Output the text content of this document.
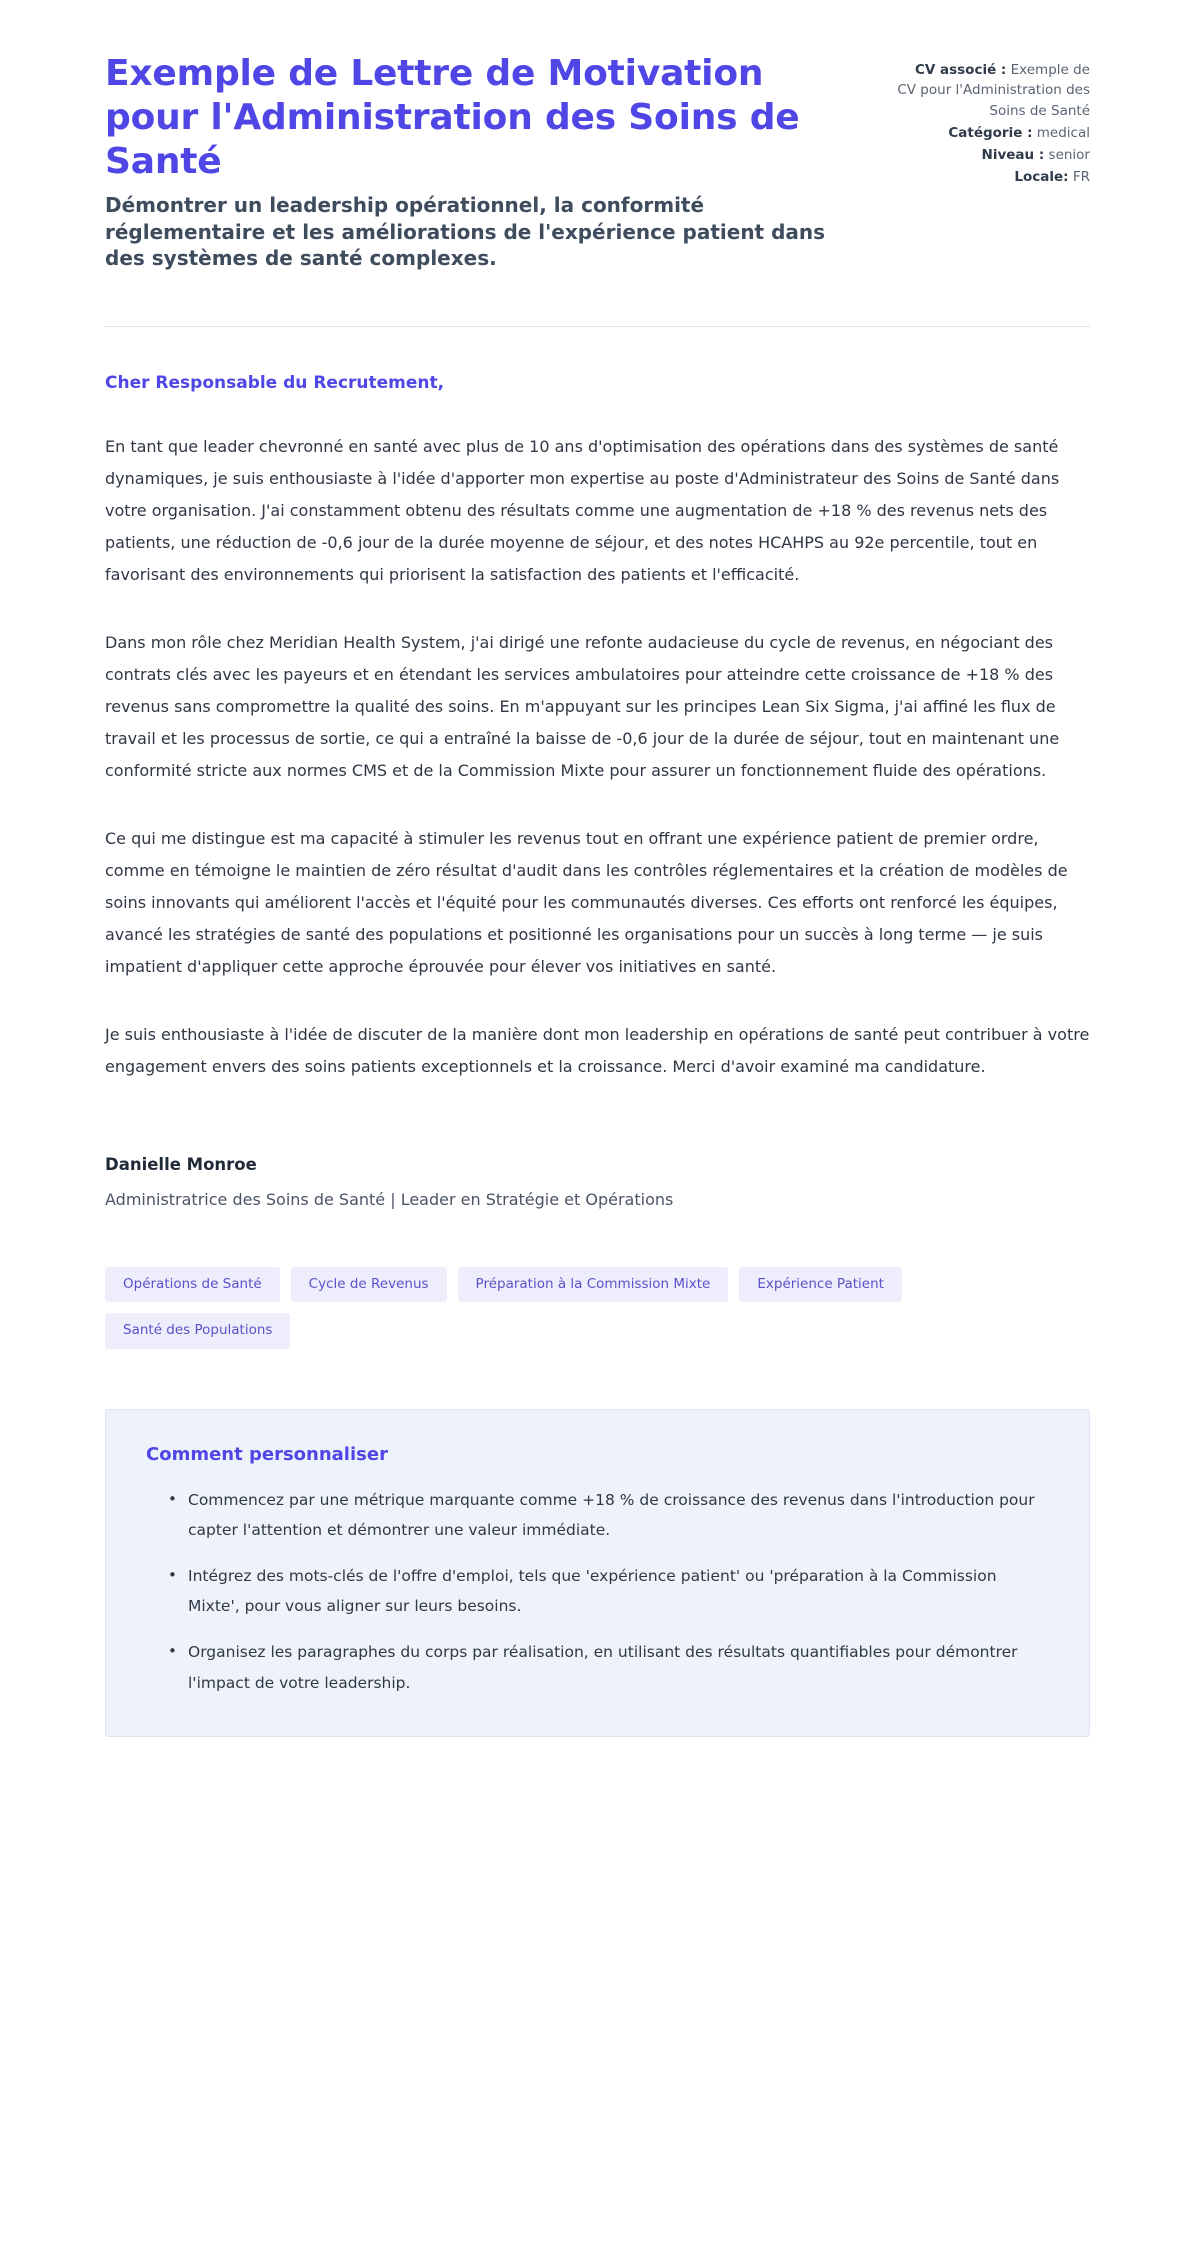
Exemple de Lettre de Motivation pour l'Administration des Soins de Santé

Démontrer un leadership opérationnel, la conformité réglementaire et les améliorations de l'expérience patient dans des systèmes de santé complexes.

CV associé : Exemple de CV pour l'Administration des Soins de Santé
Catégorie : medical
Niveau : senior
Locale: FR

Cher Responsable du Recrutement,

En tant que leader chevronné en santé avec plus de 10 ans d'optimisation des opérations dans des systèmes de santé dynamiques, je suis enthousiaste à l'idée d'apporter mon expertise au poste d'Administrateur des Soins de Santé dans votre organisation. J'ai constamment obtenu des résultats comme une augmentation de +18 % des revenus nets des patients, une réduction de -0,6 jour de la durée moyenne de séjour, et des notes HCAHPS au 92e percentile, tout en favorisant des environnements qui priorisent la satisfaction des patients et l'efficacité.

Dans mon rôle chez Meridian Health System, j'ai dirigé une refonte audacieuse du cycle de revenus, en négociant des contrats clés avec les payeurs et en étendant les services ambulatoires pour atteindre cette croissance de +18 % des revenus sans compromettre la qualité des soins. En m'appuyant sur les principes Lean Six Sigma, j'ai affiné les flux de travail et les processus de sortie, ce qui a entraîné la baisse de -0,6 jour de la durée de séjour, tout en maintenant une conformité stricte aux normes CMS et de la Commission Mixte pour assurer un fonctionnement fluide des opérations.

Ce qui me distingue est ma capacité à stimuler les revenus tout en offrant une expérience patient de premier ordre, comme en témoigne le maintien de zéro résultat d'audit dans les contrôles réglementaires et la création de modèles de soins innovants qui améliorent l'accès et l'équité pour les communautés diverses. Ces efforts ont renforcé les équipes, avancé les stratégies de santé des populations et positionné les organisations pour un succès à long terme — je suis impatient d'appliquer cette approche éprouvée pour élever vos initiatives en santé.

Je suis enthousiaste à l'idée de discuter de la manière dont mon leadership en opérations de santé peut contribuer à votre engagement envers des soins patients exceptionnels et la croissance. Merci d'avoir examiné ma candidature.

Danielle Monroe

Administratrice des Soins de Santé | Leader en Stratégie et Opérations

Opérations de Santé	Cycle de Revenus	Préparation à la Commission Mixte	Expérience Patient
Santé des Populations
Comment personnaliser
• Commencez par une métrique marquante comme +18 % de croissance des revenus dans l'introduction pour capter l'attention et démontrer une valeur immédiate.
• Intégrez des mots-clés de l'offre d'emploi, tels que 'expérience patient' ou 'préparation à la Commission Mixte', pour vous aligner sur leurs besoins.
• Organisez les paragraphes du corps par réalisation, en utilisant des résultats quantifiables pour démontrer l'impact de votre leadership.
